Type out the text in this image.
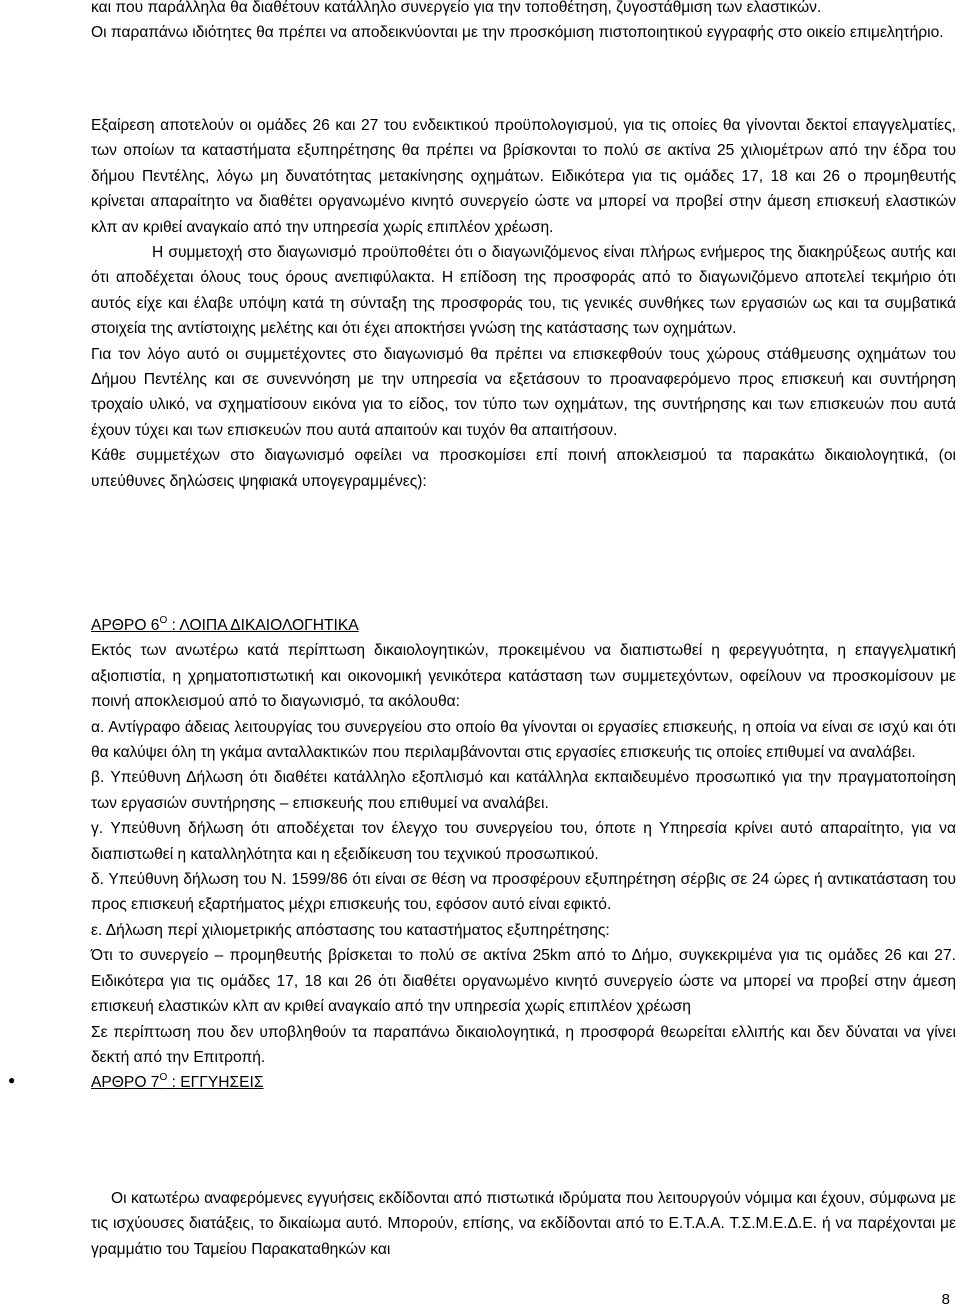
και που παράλληλα θα διαθέτουν κατάλληλο συνεργείο για την τοποθέτηση, ζυγοστάθμιση των ελαστικών.

Οι παραπάνω ιδιότητες θα πρέπει να αποδεικνύονται με την προσκόμιση πιστοποιητικού εγγραφής στο οικείο επιμελητήριο.

Εξαίρεση αποτελούν οι ομάδες 26 και 27 του ενδεικτικού προϋπολογισμού, για τις οποίες θα γίνονται δεκτοί επαγγελματίες, των οποίων τα καταστήματα εξυπηρέτησης θα πρέπει να βρίσκονται το πολύ σε ακτίνα 25 χιλιομέτρων από την έδρα του δήμου Πεντέλης, λόγω μη δυνατότητας μετακίνησης οχημάτων. Ειδικότερα για τις ομάδες 17, 18 και 26 ο προμηθευτής κρίνεται απαραίτητο να διαθέτει οργανωμένο κινητό συνεργείο ώστε να μπορεί να προβεί στην άμεση επισκευή ελαστικών κλπ αν κριθεί αναγκαίο από την υπηρεσία χωρίς επιπλέον χρέωση.

Η συμμετοχή στο διαγωνισμό προϋποθέτει ότι ο διαγωνιζόμενος είναι πλήρως ενήμερος της διακηρύξεως αυτής και ότι αποδέχεται όλους τους όρους ανεπιφύλακτα. Η επίδοση της προσφοράς από το διαγωνιζόμενο αποτελεί τεκμήριο ότι αυτός είχε και έλαβε υπόψη κατά τη σύνταξη της προσφοράς του, τις γενικές συνθήκες των εργασιών ως και τα συμβατικά στοιχεία της αντίστοιχης μελέτης και ότι έχει αποκτήσει γνώση της κατάστασης των οχημάτων.

Για τον λόγο αυτό οι συμμετέχοντες στο διαγωνισμό θα πρέπει να επισκεφθούν τους χώρους στάθμευσης οχημάτων του Δήμου Πεντέλης και σε συνεννόηση με την υπηρεσία να εξετάσουν το προαναφερόμενο προς επισκευή και συντήρηση τροχαίο υλικό, να σχηματίσουν εικόνα για το είδος, τον τύπο των οχημάτων, της συντήρησης και των επισκευών που αυτά έχουν τύχει και των επισκευών που αυτά απαιτούν και τυχόν θα απαιτήσουν.

Κάθε συμμετέχων στο διαγωνισμό οφείλει να προσκομίσει επί ποινή αποκλεισμού τα παρακάτω δικαιολογητικά, (οι υπεύθυνες δηλώσεις ψηφιακά υπογεγραμμένες):

ΑΡΘΡΟ $6^O$ : ΛΟΙΠΑ ΔΙΚΑΙΟΛΟΓΗΤΙΚΑ

Εκτός των ανωτέρω κατά περίπτωση δικαιολογητικών, προκειμένου να διαπιστωθεί η φερεγγυότητα, η επαγγελματική αξιοπιστία, η χρηματοπιστωτική και οικονομική γενικότερα κατάσταση των συμμετεχόντων, οφείλουν να προσκομίσουν με ποινή αποκλεισμού από το διαγωνισμό, τα ακόλουθα:

α. Αντίγραφο άδειας λειτουργίας του συνεργείου στο οποίο θα γίνονται οι εργασίες επισκευής, η οποία να είναι σε ισχύ και ότι θα καλύψει όλη τη γκάμα ανταλλακτικών που περιλαμβάνονται στις εργασίες επισκευής τις οποίες επιθυμεί να αναλάβει.

β. Υπεύθυνη Δήλωση ότι διαθέτει κατάλληλο εξοπλισμό και κατάλληλα εκπαιδευμένο προσωπικό για την πραγματοποίηση των εργασιών συντήρησης – επισκευής που επιθυμεί να αναλάβει.

γ. Υπεύθυνη δήλωση ότι αποδέχεται τον έλεγχο του συνεργείου του, όποτε η Υπηρεσία κρίνει αυτό απαραίτητο, για να διαπιστωθεί η καταλληλότητα και η εξειδίκευση του τεχνικού προσωπικού.

δ. Υπεύθυνη δήλωση του Ν. 1599/86 ότι είναι σε θέση να προσφέρουν εξυπηρέτηση σέρβις σε 24 ώρες ή αντικατάσταση του προς επισκευή εξαρτήματος μέχρι επισκευής του, εφόσον αυτό είναι εφικτό.

ε. Δήλωση περί χιλιομετρικής απόστασης του καταστήματος εξυπηρέτησης:

Ότι το συνεργείο – προμηθευτής βρίσκεται το πολύ σε ακτίνα 25km από το Δήμο, συγκεκριμένα για τις ομάδες 26 και 27. Ειδικότερα για τις ομάδες 17, 18 και 26 ότι διαθέτει οργανωμένο κινητό συνεργείο ώστε να μπορεί να προβεί στην άμεση επισκευή ελαστικών κλπ αν κριθεί αναγκαίο από την υπηρεσία χωρίς επιπλέον χρέωση

Σε περίπτωση που δεν υποβληθούν τα παραπάνω δικαιολογητικά, η προσφορά θεωρείται ελλιπής και δεν δύναται να γίνει δεκτή από την Επιτροπή.

ΑΡΘΡΟ $7^O$ : ΕΓΓΥΗΣΕΙΣ

●

Οι κατωτέρω αναφερόμενες εγγυήσεις εκδίδονται από πιστωτικά ιδρύματα που λειτουργούν νόμιμα και έχουν, σύμφωνα με τις ισχύουσες διατάξεις, το δικαίωμα αυτό. Μπορούν, επίσης, να εκδίδονται από το Ε.Τ.Α.Α. Τ.Σ.Μ.Ε.Δ.Ε. ή να παρέχονται με γραμμάτιο του Ταμείου Παρακαταθηκών και

8
